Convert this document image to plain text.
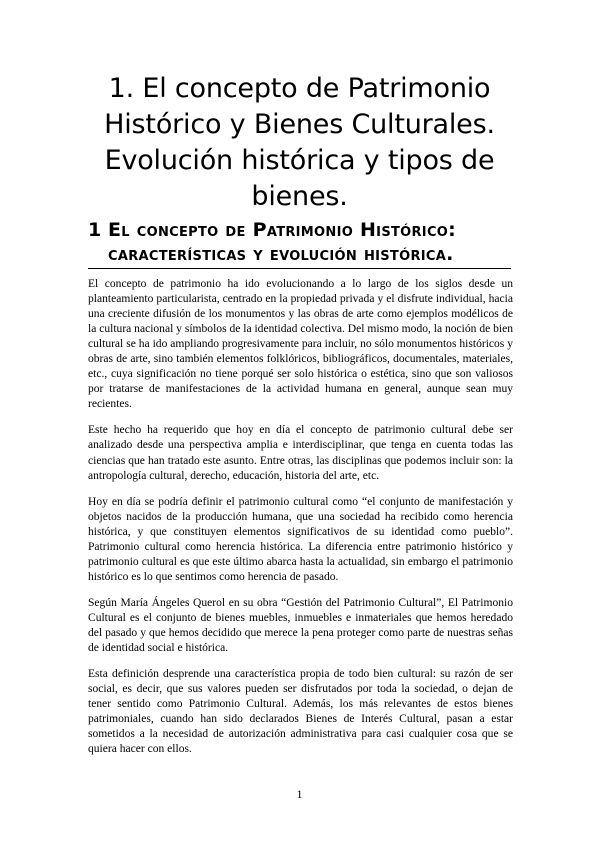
1. El concepto de Patrimonio Histórico y Bienes Culturales. Evolución histórica y tipos de bienes.
1 El concepto de Patrimonio Histórico: características y evolución histórica.

El concepto de patrimonio ha ido evolucionando a lo largo de los siglos desde un planteamiento particularista, centrado en la propiedad privada y el disfrute individual, hacia una creciente difusión de los monumentos y las obras de arte como ejemplos modélicos de la cultura nacional y símbolos de la identidad colectiva. Del mismo modo, la noción de bien cultural se ha ido ampliando progresivamente para incluir, no sólo monumentos históricos y obras de arte, sino también elementos folklóricos, bibliográficos, documentales, materiales, etc., cuya significación no tiene porqué ser solo histórica o estética, sino que son valiosos por tratarse de manifestaciones de la actividad humana en general, aunque sean muy recientes.

Este hecho ha requerido que hoy en día el concepto de patrimonio cultural debe ser analizado desde una perspectiva amplia e interdisciplinar, que tenga en cuenta todas las ciencias que han tratado este asunto. Entre otras, las disciplinas que podemos incluir son: la antropología cultural, derecho, educación, historia del arte, etc.

Hoy en día se podría definir el patrimonio cultural como “el conjunto de manifestación y objetos nacidos de la producción humana, que una sociedad ha recibido como herencia histórica, y que constituyen elementos significativos de su identidad como pueblo”. Patrimonio cultural como herencia histórica. La diferencia entre patrimonio histórico y patrimonio cultural es que este último abarca hasta la actualidad, sin embargo el patrimonio histórico es lo que sentimos como herencia de pasado.

Según María Ángeles Querol en su obra “Gestión del Patrimonio Cultural”, El Patrimonio Cultural es el conjunto de bienes muebles, inmuebles e inmateriales que hemos heredado del pasado y que hemos decidido que merece la pena proteger como parte de nuestras señas de identidad social e histórica.

Esta definición desprende una característica propia de todo bien cultural: su razón de ser social, es decir, que sus valores pueden ser disfrutados por toda la sociedad, o dejan de tener sentido como Patrimonio Cultural. Además, los más relevantes de estos bienes patrimoniales, cuando han sido declarados Bienes de Interés Cultural, pasan a estar sometidos a la necesidad de autorización administrativa para casi cualquier cosa que se quiera hacer con ellos.

1
